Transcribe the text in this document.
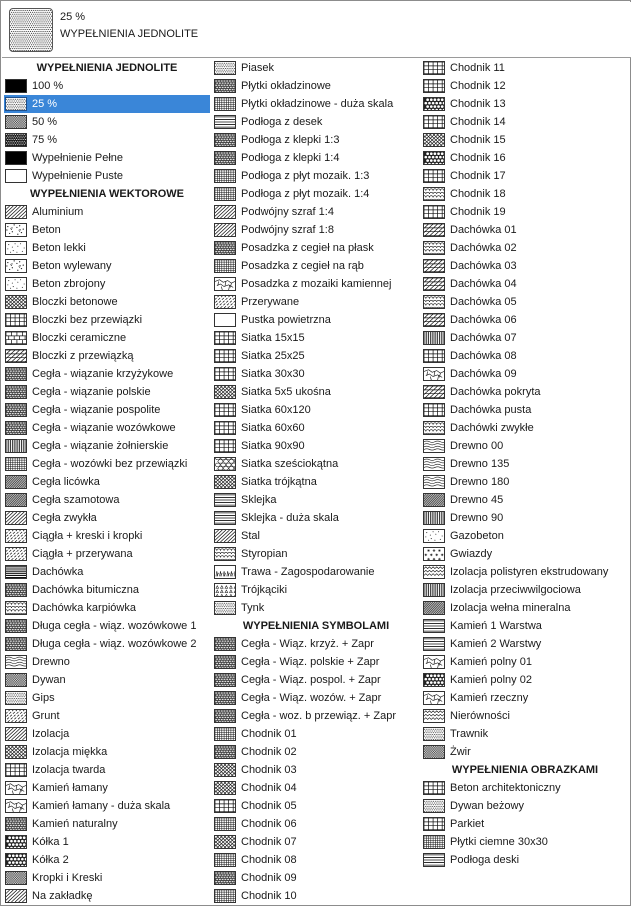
25 %
WYPEŁNIENIA JEDNOLITE
WYPEŁNIENIA JEDNOLITE
100 %
25 %
50 %
75 %
Wypełnienie Pełne
Wypełnienie Puste
WYPEŁNIENIA WEKTOROWE
Aluminium
Beton
Beton lekki
Beton wylewany
Beton zbrojony
Bloczki betonowe
Bloczki bez przewiązki
Bloczki ceramiczne
Bloczki z przewiązką
Cegła - wiązanie krzyżykowe
Cegła - wiązanie polskie
Cegła - wiązanie pospolite
Cegła - wiązanie wozówkowe
Cegła - wiązanie żołnierskie
Cegła - wozówki bez przewiązki
Cegła licówka
Cegła szamotowa
Cegła zwykła
Ciągła + kreski i kropki
Ciągła + przerywana
Dachówka
Dachówka bitumiczna
Dachówka karpiówka
Długa cegła - wiąz. wozówkowe 1
Długa cegła - wiąz. wozówkowe 2
Drewno
Dywan
Gips
Grunt
Izolacja
Izolacja miękka
Izolacja twarda
Kamień łamany
Kamień łamany - duża skala
Kamień naturalny
Kółka 1
Kółka 2
Kropki i Kreski
Na zakładkę
Piasek
Płytki okładzinowe
Płytki okładzinowe - duża skala
Podłoga z desek
Podłoga z klepki 1:3
Podłoga z klepki 1:4
Podłoga z płyt mozaik. 1:3
Podłoga z płyt mozaik. 1:4
Podwójny szraf 1:4
Podwójny szraf 1:8
Posadzka z cegieł na płask
Posadzka z cegieł na rąb
Posadzka z mozaiki kamiennej
Przerywane
Pustka powietrzna
Siatka 15x15
Siatka 25x25
Siatka 30x30
Siatka 5x5 ukośna
Siatka 60x120
Siatka 60x60
Siatka 90x90
Siatka sześciokątna
Siatka trójkątna
Sklejka
Sklejka - duża skala
Stal
Styropian
Trawa - Zagospodarowanie
Trójkąciki
Tynk
WYPEŁNIENIA SYMBOLAMI
Cegła - Wiąz. krzyż. + Zapr
Cegła - Wiąz. polskie + Zapr
Cegła - Wiąz. pospol. + Zapr
Cegła - Wiąz. wozów. + Zapr
Cegła - woz. b przewiąz. + Zapr
Chodnik 01
Chodnik 02
Chodnik 03
Chodnik 04
Chodnik 05
Chodnik 06
Chodnik 07
Chodnik 08
Chodnik 09
Chodnik 10
Chodnik 11
Chodnik 12
Chodnik 13
Chodnik 14
Chodnik 15
Chodnik 16
Chodnik 17
Chodnik 18
Chodnik 19
Dachówka 01
Dachówka 02
Dachówka 03
Dachówka 04
Dachówka 05
Dachówka 06
Dachówka 07
Dachówka 08
Dachówka 09
Dachówka pokryta
Dachówka pusta
Dachówki zwykłe
Drewno 00
Drewno 135
Drewno 180
Drewno 45
Drewno 90
Gazobeton
Gwiazdy
Izolacja polistyren ekstrudowany
Izolacja przeciwwilgociowa
Izolacja wełna mineralna
Kamień 1 Warstwa
Kamień 2 Warstwy
Kamień polny 01
Kamień polny 02
Kamień rzeczny
Nierówności
Trawnik
Żwir
WYPEŁNIENIA OBRAZKAMI
Beton architektoniczny
Dywan beżowy
Parkiet
Płytki ciemne 30x30
Podłoga deski
